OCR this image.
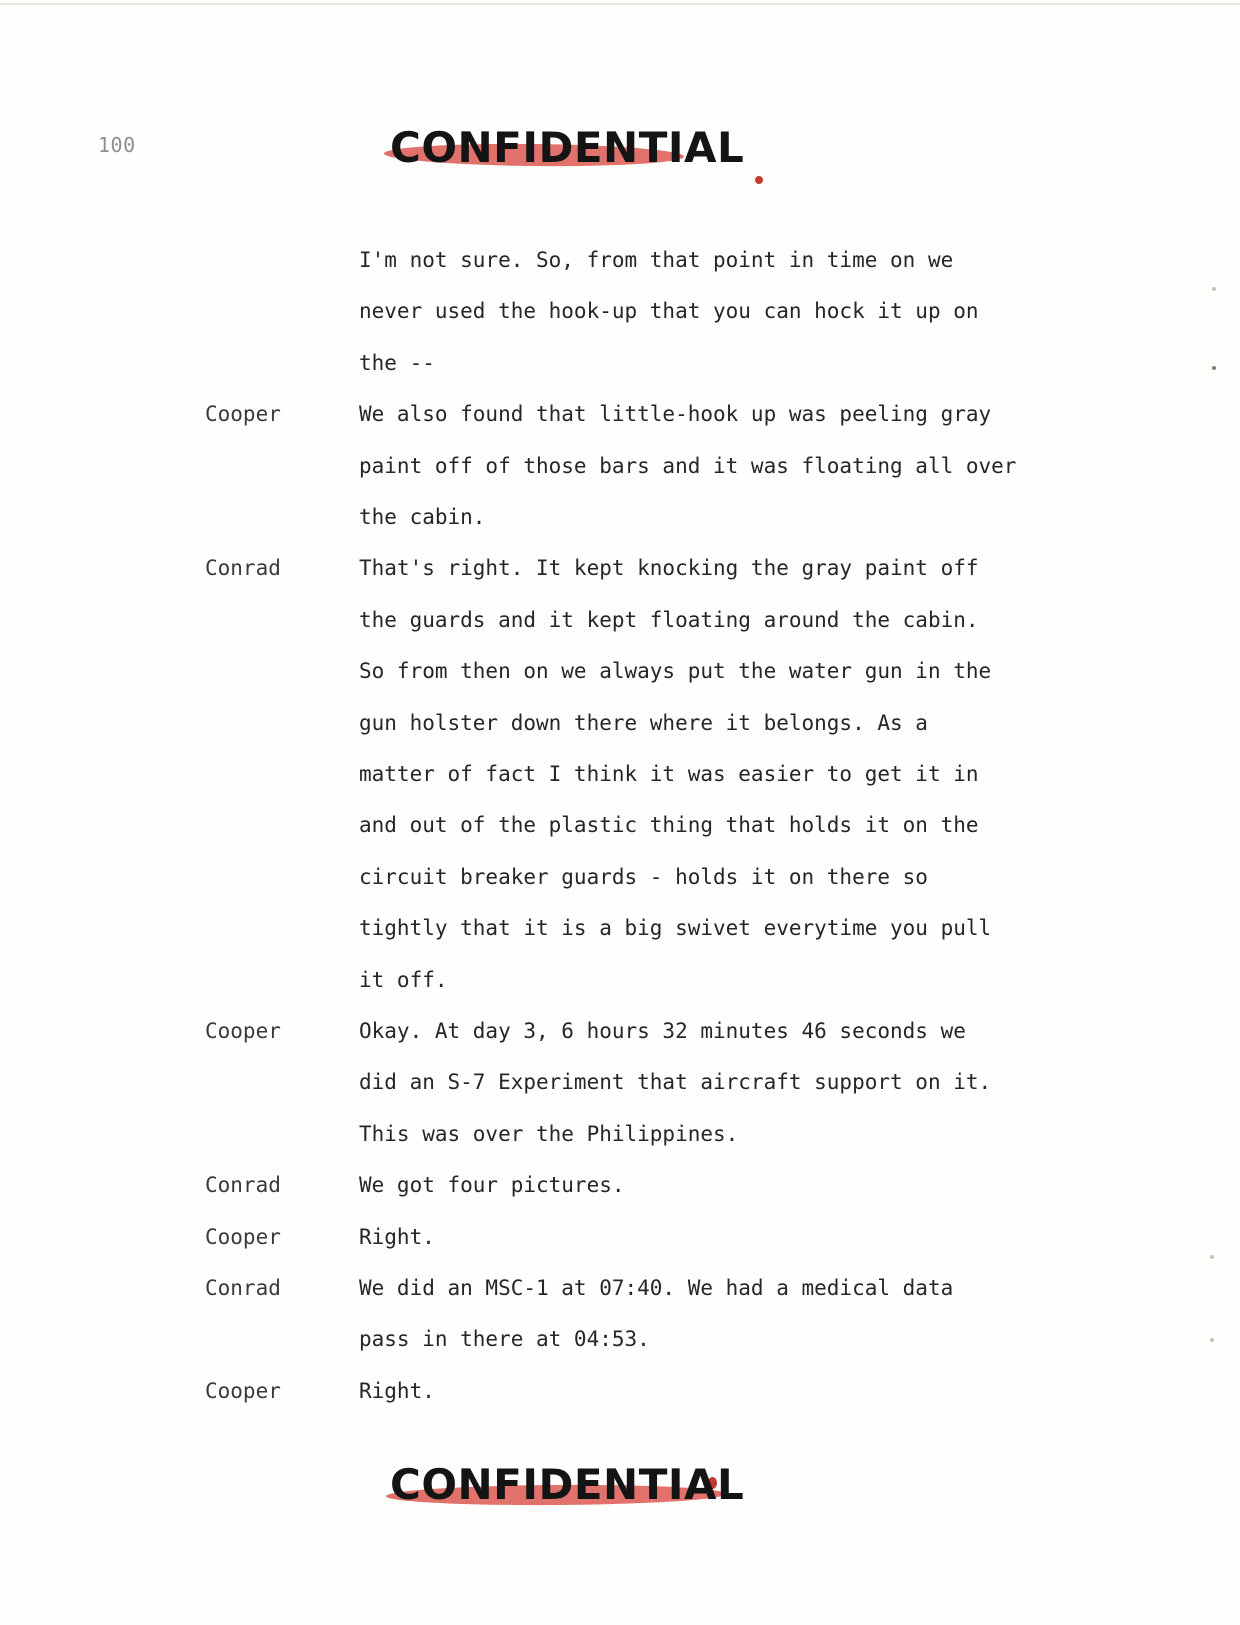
100	CONFIDENTIAL
I'm not sure. So, from that point in time on we
never used the hook-up that you can hock it up on
the --
Cooper	We also found that little-hook up was peeling gray
paint off of those bars and it was floating all over
the cabin.
Conrad	That's right. It kept knocking the gray paint off
the guards and it kept floating around the cabin.
So from then on we always put the water gun in the
gun holster down there where it belongs. As a
matter of fact I think it was easier to get it in
and out of the plastic thing that holds it on the
circuit breaker guards - holds it on there so
tightly that it is a big swivet everytime you pull
it off.
Cooper	Okay. At day 3, 6 hours 32 minutes 46 seconds we
did an S-7 Experiment that aircraft support on it.
This was over the Philippines.
Conrad	We got four pictures.
Cooper	Right.
Conrad	We did an MSC-1 at 07:40. We had a medical data
pass in there at 04:53.
Cooper	Right.
CONFIDENTIAL
